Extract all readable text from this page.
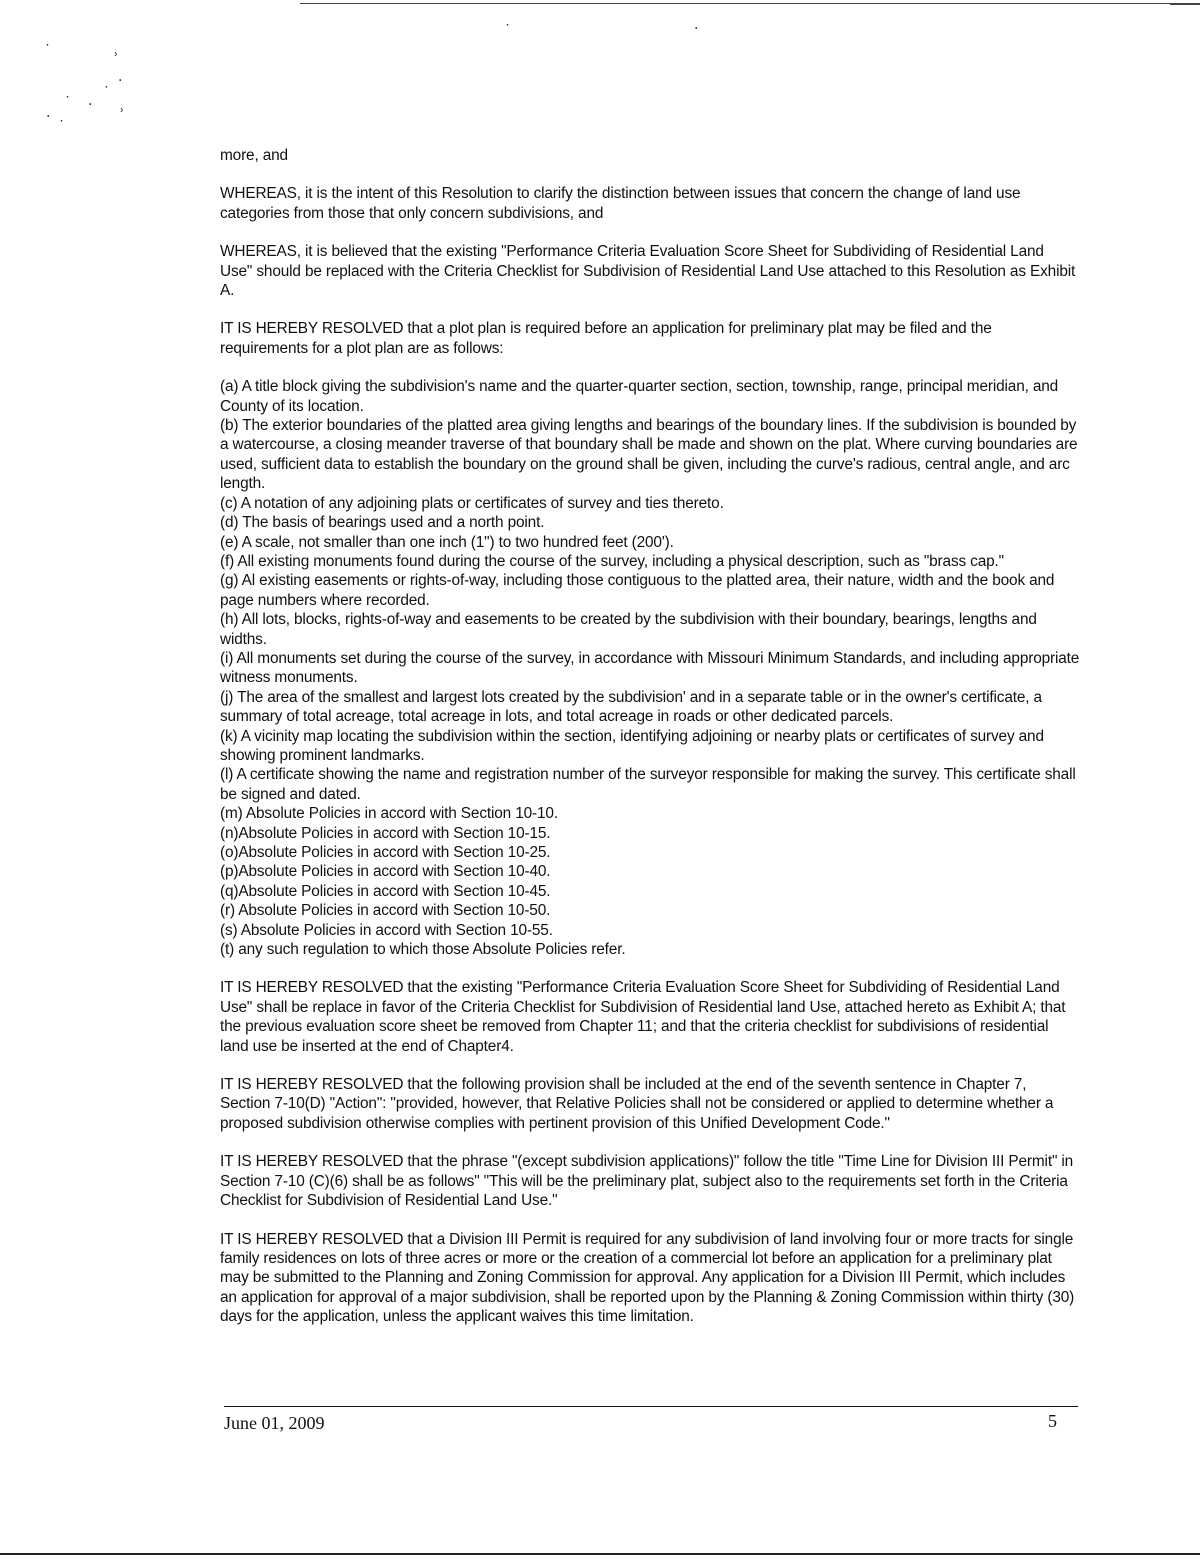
˙	ʾ
·
˙
·
˙
·
˙
ʾ
˙	·

more, and

WHEREAS, it is the intent of this Resolution to clarify the distinction between issues that concern the change of land use categories from those that only concern subdivisions, and

WHEREAS, it is believed that the existing "Performance Criteria Evaluation Score Sheet for Subdividing of Residential Land Use" should be replaced with the Criteria Checklist for Subdivision of Residential Land Use attached to this Resolution as Exhibit A.

IT IS HEREBY RESOLVED that a plot plan is required before an application for preliminary plat may be filed and the requirements for a plot plan are as follows:

(a) A title block giving the subdivision's name and the quarter-quarter section, section, township, range, principal meridian, and County of its location.

(b) The exterior boundaries of the platted area giving lengths and bearings of the boundary lines. If the subdivision is bounded by a watercourse, a closing meander traverse of that boundary shall be made and shown on the plat. Where curving boundaries are used, sufficient data to establish the boundary on the ground shall be given, including the curve's radious, central angle, and arc length.

(c) A notation of any adjoining plats or certificates of survey and ties thereto.

(d) The basis of bearings used and a north point.

(e) A scale, not smaller than one inch (1") to two hundred feet (200').

(f) All existing monuments found during the course of the survey, including a physical description, such as "brass cap."

(g) Al existing easements or rights-of-way, including those contiguous to the platted area, their nature, width and the book and page numbers where recorded.

(h) All lots, blocks, rights-of-way and easements to be created by the subdivision with their boundary, bearings, lengths and widths.

(i) All monuments set during the course of the survey, in accordance with Missouri Minimum Standards, and including appropriate witness monuments.

(j) The area of the smallest and largest lots created by the subdivision' and in a separate table or in the owner's certificate, a summary of total acreage, total acreage in lots, and total acreage in roads or other dedicated parcels.

(k) A vicinity map locating the subdivision within the section, identifying adjoining or nearby plats or certificates of survey and showing prominent landmarks.

(l) A certificate showing the name and registration number of the surveyor responsible for making the survey. This certificate shall be signed and dated.

(m) Absolute Policies in accord with Section 10-10.

(n)Absolute Policies in accord with Section 10-15.

(o)Absolute Policies in accord with Section 10-25.

(p)Absolute Policies in accord with Section 10-40.

(q)Absolute Policies in accord with Section 10-45.

(r) Absolute Policies in accord with Section 10-50.

(s) Absolute Policies in accord with Section 10-55.

(t) any such regulation to which those Absolute Policies refer.

IT IS HEREBY RESOLVED that the existing "Performance Criteria Evaluation Score Sheet for Subdividing of Residential Land Use" shall be replace in favor of the Criteria Checklist for Subdivision of Residential land Use, attached hereto as Exhibit A; that the previous evaluation score sheet be removed from Chapter 11; and that the criteria checklist for subdivisions of residential land use be inserted at the end of Chapter4.

IT IS HEREBY RESOLVED that the following provision shall be included at the end of the seventh sentence in Chapter 7, Section 7-10(D) "Action": "provided, however, that Relative Policies shall not be considered or applied to determine whether a proposed subdivision otherwise complies with pertinent provision of this Unified Development Code."

IT IS HEREBY RESOLVED that the phrase "(except subdivision applications)" follow the title "Time Line for Division III Permit" in Section 7-10 (C)(6) shall be as follows" "This will be the preliminary plat, subject also to the requirements set forth in the Criteria Checklist for Subdivision of Residential Land Use."

IT IS HEREBY RESOLVED that a Division III Permit is required for any subdivision of land involving four or more tracts for single family residences on lots of three acres or more or the creation of a commercial lot before an application for a preliminary plat may be submitted to the Planning and Zoning Commission for approval. Any application for a Division III Permit, which includes an application for approval of a major subdivision, shall be reported upon by the Planning & Zoning Commission within thirty (30) days for the application, unless the applicant waives this time limitation.

June 01, 2009	5
